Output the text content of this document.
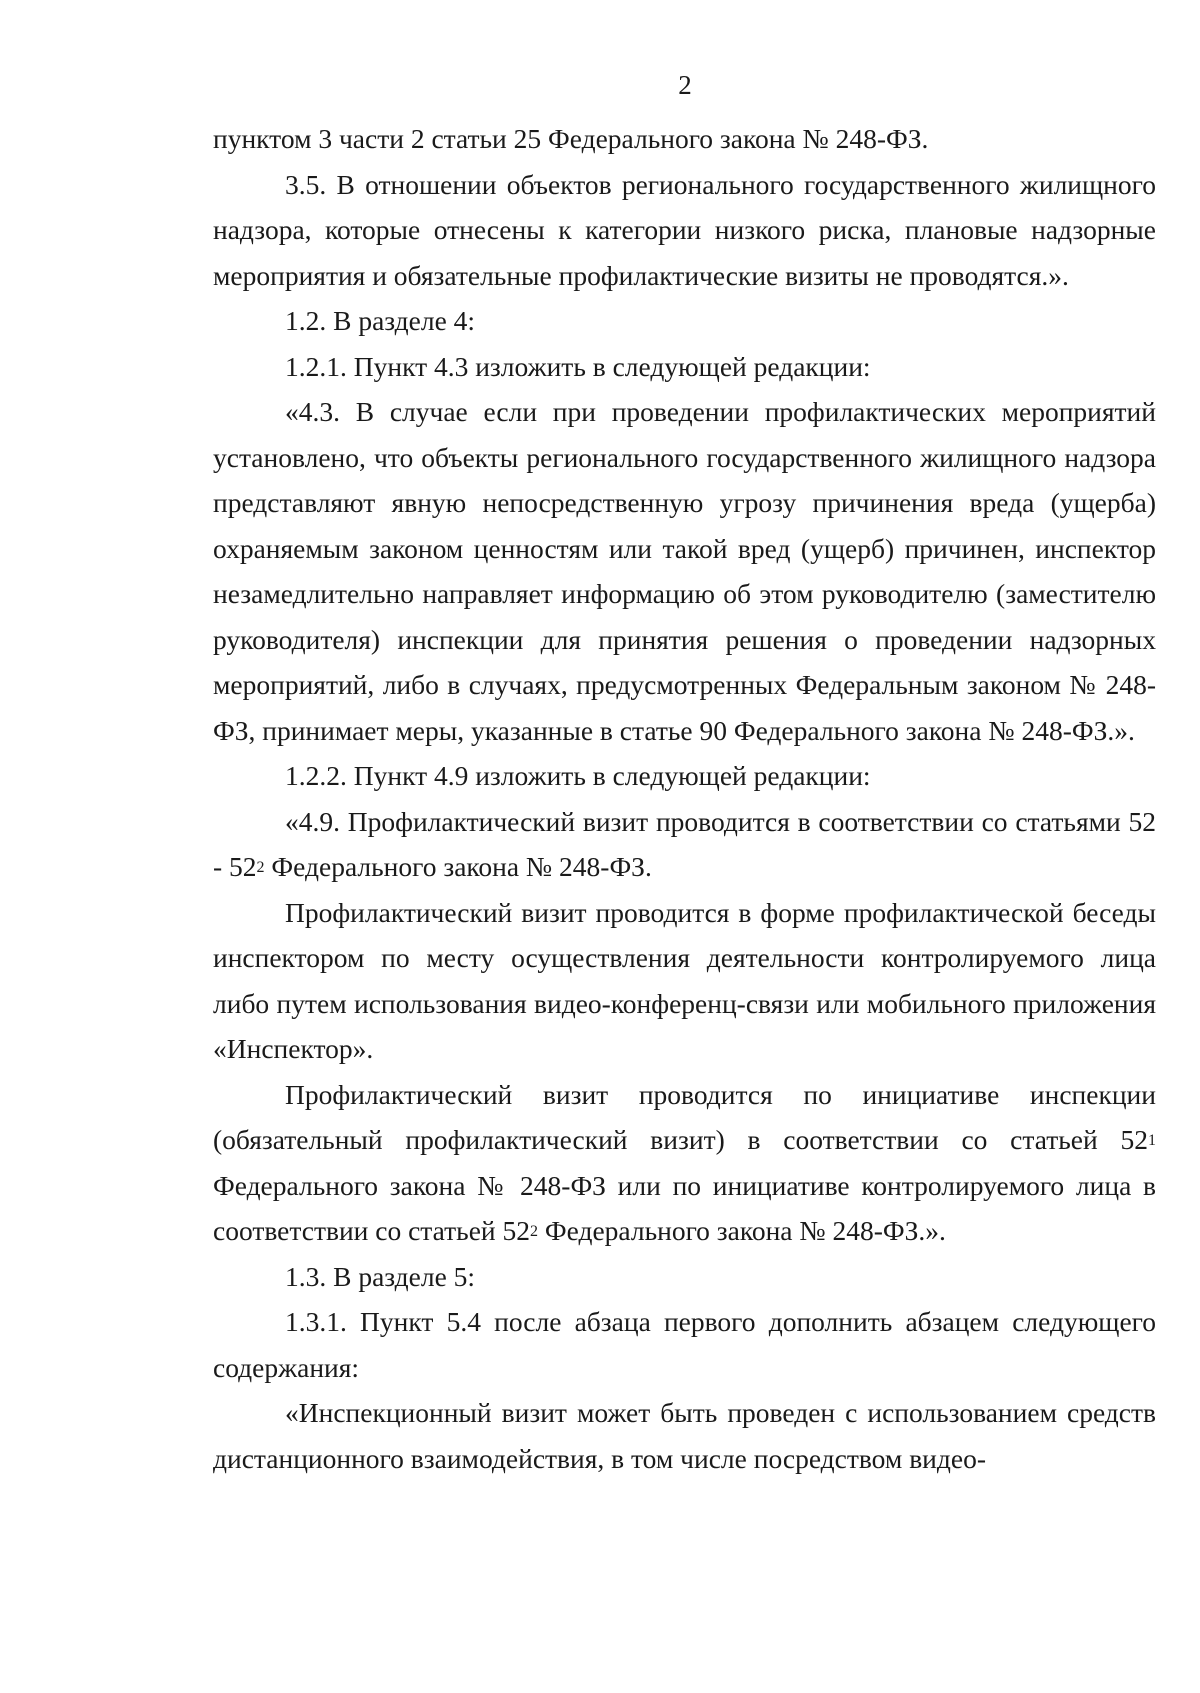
2

пунктом 3 части 2 статьи 25 Федерального закона № 248-ФЗ.

3.5. В отношении объектов регионального государственного жилищного надзора, которые отнесены к категории низкого риска, плановые надзорные мероприятия и обязательные профилактические визиты не проводятся.».

1.2. В разделе 4:

1.2.1. Пункт 4.3 изложить в следующей редакции:

«4.3. В случае если при проведении профилактических мероприятий установлено, что объекты регионального государственного жилищного надзора представляют явную непосредственную угрозу причинения вреда (ущерба) охраняемым законом ценностям или такой вред (ущерб) причинен, инспектор незамедлительно направляет информацию об этом руководителю (заместителю руководителя) инспекции для принятия решения о проведении надзорных мероприятий, либо в случаях, предусмотренных Федеральным законом № 248-ФЗ, принимает меры, указанные в статье 90 Федерального закона № 248-ФЗ.».

1.2.2. Пункт 4.9 изложить в следующей редакции:

«4.9. Профилактический визит проводится в соответствии со статьями $52 - 52^2$ Федерального закона № 248-ФЗ.

Профилактический визит проводится в форме профилактической беседы инспектором по месту осуществления деятельности контролируемого лица либо путем использования видео-конференц-связи или мобильного приложения «Инспектор».

Профилактический визит проводится по инициативе инспекции (обязательный профилактический визит) в соответствии со статьей $52^1$ Федерального закона № 248-ФЗ или по инициативе контролируемого лица в соответствии со статьей $52^2$ Федерального закона № 248-ФЗ.».

1.3. В разделе 5:

1.3.1. Пункт 5.4 после абзаца первого дополнить абзацем следующего содержания:

«Инспекционный визит может быть проведен с использованием средств дистанционного взаимодействия, в том числе посредством видео-
